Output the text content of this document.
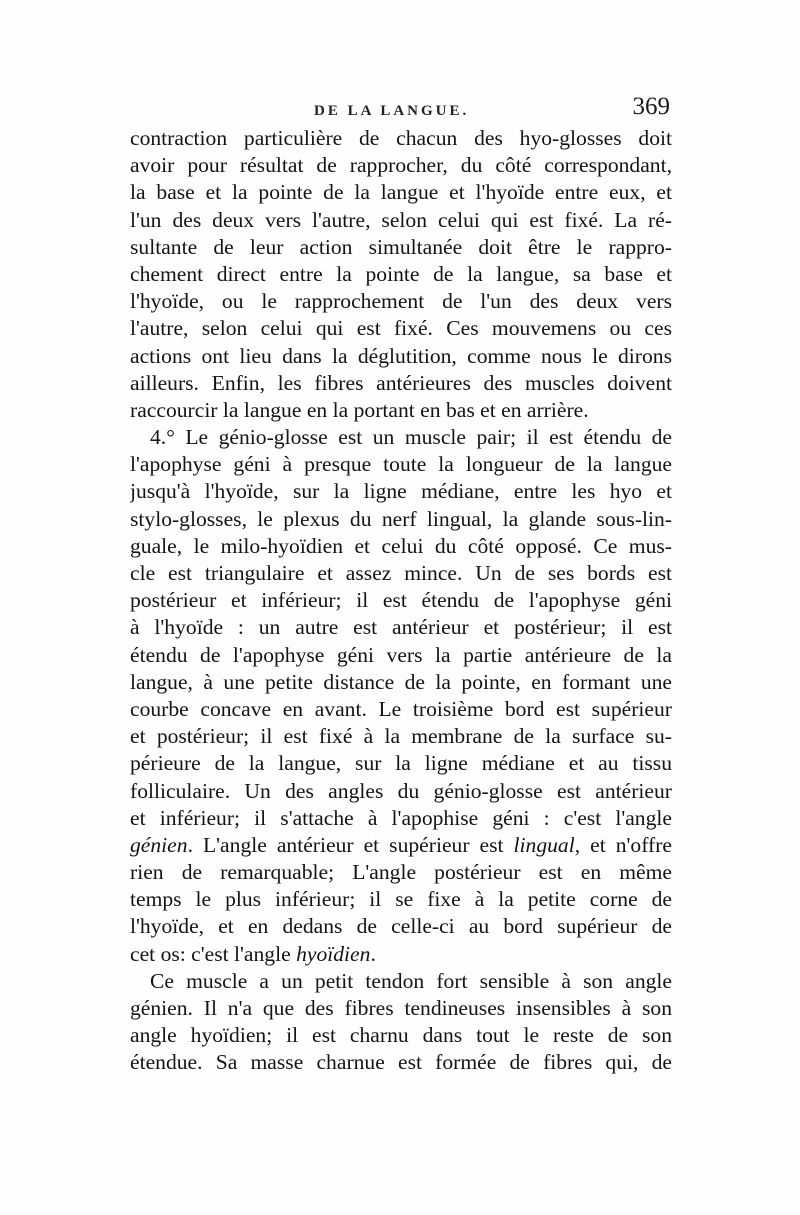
DE LA LANGUE.	369
contraction particulière de chacun des hyo-glosses doit
avoir pour résultat de rapprocher, du côté correspondant,
la base et la pointe de la langue et l'hyoïde entre eux, et
l'un des deux vers l'autre, selon celui qui est fixé. La ré-
sultante de leur action simultanée doit être le rappro-
chement direct entre la pointe de la langue, sa base et
l'hyoïde, ou le rapprochement de l'un des deux vers
l'autre, selon celui qui est fixé. Ces mouvemens ou ces
actions ont lieu dans la déglutition, comme nous le dirons
ailleurs. Enfin, les fibres antérieures des muscles doivent
raccourcir la langue en la portant en bas et en arrière.
4.° Le génio-glosse est un muscle pair; il est étendu de
l'apophyse géni à presque toute la longueur de la langue
jusqu'à l'hyoïde, sur la ligne médiane, entre les hyo et
stylo-glosses, le plexus du nerf lingual, la glande sous-lin-
guale, le milo-hyoïdien et celui du côté opposé. Ce mus-
cle est triangulaire et assez mince. Un de ses bords est
postérieur et inférieur; il est étendu de l'apophyse géni
à l'hyoïde : un autre est antérieur et postérieur; il est
étendu de l'apophyse géni vers la partie antérieure de la
langue, à une petite distance de la pointe, en formant une
courbe concave en avant. Le troisième bord est supérieur
et postérieur; il est fixé à la membrane de la surface su-
périeure de la langue, sur la ligne médiane et au tissu
folliculaire. Un des angles du génio-glosse est antérieur
et inférieur; il s'attache à l'apophise géni : c'est l'angle
génien. L'angle antérieur et supérieur est lingual, et n'offre
rien de remarquable; L'angle postérieur est en même
temps le plus inférieur; il se fixe à la petite corne de
l'hyoïde, et en dedans de celle-ci au bord supérieur de
cet os: c'est l'angle hyoïdien.
Ce muscle a un petit tendon fort sensible à son angle
génien. Il n'a que des fibres tendineuses insensibles à son
angle hyoïdien; il est charnu dans tout le reste de son
étendue. Sa masse charnue est formée de fibres qui, de
